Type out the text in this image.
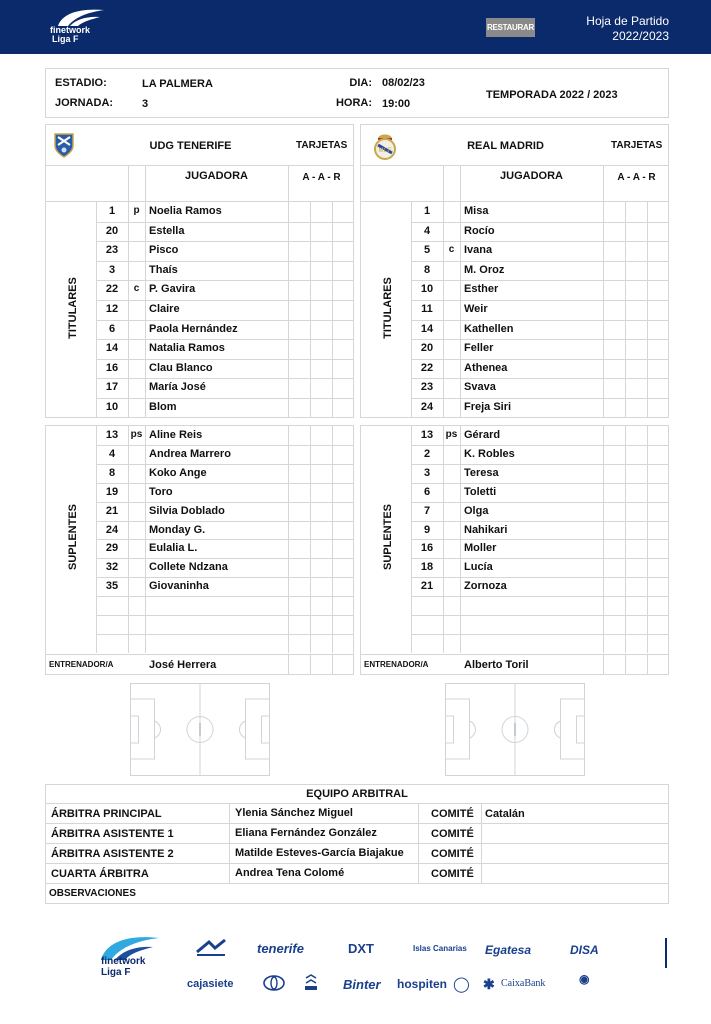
finetwork
Liga F
RESTAURAR	Hoja de Partido
2022/2023
ESTADIO:	LA PALMERA
JORNADA:	3
DIA: 08/02/23
HORA: 19:00
TEMPORADA 2022 / 2023
UDG TENERIFE	TARJETAS
JUGADORA	A - A - R
TITULARES
1	p Noelia Ramos
20	Estella
23	Pisco
3	Thaís
22	c P. Gavira
12	Claire
6	Paola Hernández
14	Natalia Ramos
16	Clau Blanco
17	María José
10	Blom
SUPLENTES
13	ps Aline Reis
4	Andrea Marrero
8	Koko Ange
19	Toro
21	Silvia Doblado
24	Monday G.
29	Eulalia L.
32	Collete Ndzana
35	Giovaninha
ENTRENADOR/A	José Herrera
MCF	REAL MADRID	TARJETAS
JUGADORA	A - A - R
TITULARES
1	Misa
4	Rocío
5	c Ivana
8	M. Oroz
10	Esther
11	Weir
14	Kathellen
20	Feller
22	Athenea
23	Svava
24	Freja Siri
SUPLENTES
13	ps Gérard
2	K. Robles
3	Teresa
6	Toletti
7	Olga
9	Nahikari
16	Moller
18	Lucía
21	Zornoza
ENTRENADOR/A	Alberto Toril
EQUIPO ARBITRAL
ÁRBITRA PRINCIPAL	Ylenia Sánchez Miguel	COMITÉ Catalán
ÁRBITRA ASISTENTE 1	Eliana Fernández González	COMITÉ
ÁRBITRA ASISTENTE 2	Matilde Esteves-García Biajakue COMITÉ
CUARTA ÁRBITRA	Andrea Tena Colomé	COMITÉ
OBSERVACIONES
finetwork
Liga F
tenerife	DXT	Islas Canarias Egatesa	DISA
cajasiete	Binter hospiten ◯ ✱ CaixaBank	◉
